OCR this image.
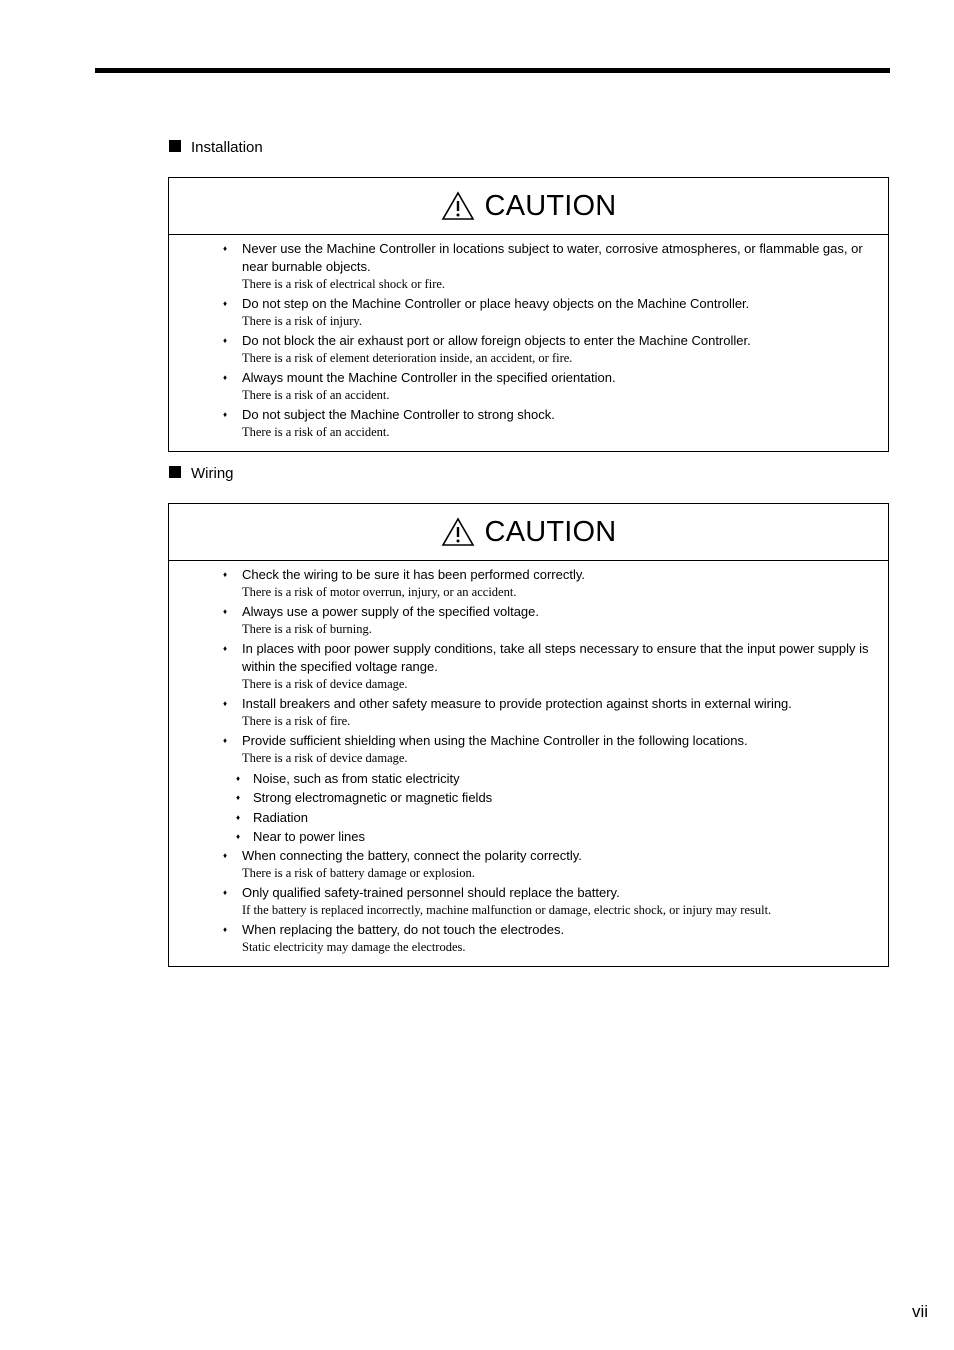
Installation
CAUTION
♦ Never use the Machine Controller in locations subject to water, corrosive atmospheres, or flammable gas, or near burnable objects.
There is a risk of electrical shock or fire.
♦ Do not step on the Machine Controller or place heavy objects on the Machine Controller.
There is a risk of injury.
♦ Do not block the air exhaust port or allow foreign objects to enter the Machine Controller.
There is a risk of element deterioration inside, an accident, or fire.
♦ Always mount the Machine Controller in the specified orientation.
There is a risk of an accident.
♦ Do not subject the Machine Controller to strong shock.
There is a risk of an accident.
Wiring
CAUTION
♦ Check the wiring to be sure it has been performed correctly.
There is a risk of motor overrun, injury, or an accident.
♦ Always use a power supply of the specified voltage.
There is a risk of burning.
♦ In places with poor power supply conditions, take all steps necessary to ensure that the input power supply is within the specified voltage range.
There is a risk of device damage.
♦ Install breakers and other safety measure to provide protection against shorts in external wiring.
There is a risk of fire.
♦ Provide sufficient shielding when using the Machine Controller in the following locations.
There is a risk of device damage.
♦ Noise, such as from static electricity
♦ Strong electromagnetic or magnetic fields
♦ Radiation
♦ Near to power lines
♦ When connecting the battery, connect the polarity correctly.
There is a risk of battery damage or explosion.
♦ Only qualified safety-trained personnel should replace the battery.
If the battery is replaced incorrectly, machine malfunction or damage, electric shock, or injury may result.
♦ When replacing the battery, do not touch the electrodes.
Static electricity may damage the electrodes.
vii
